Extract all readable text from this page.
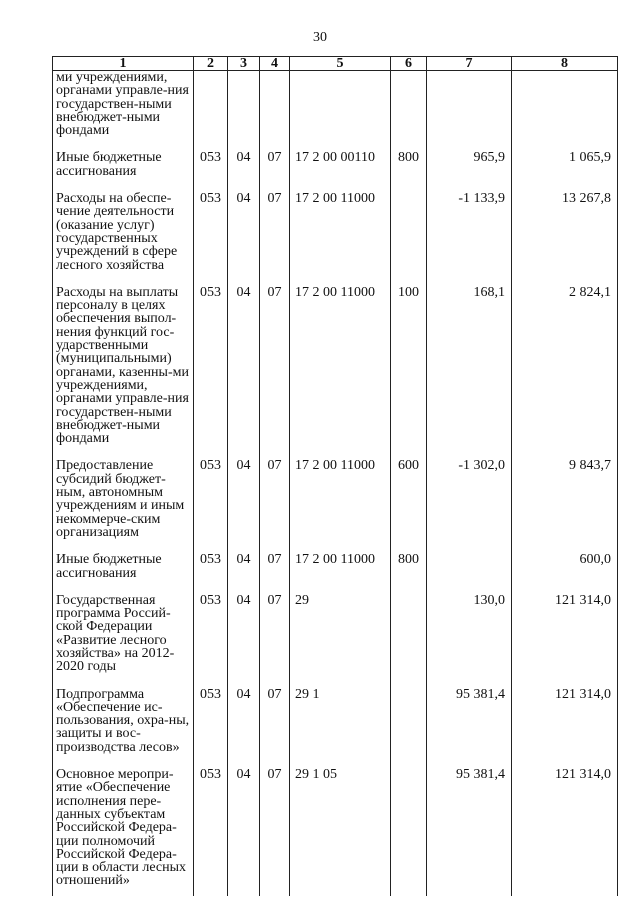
30
1	2	3	4	5	6	7	8
ми учреждениями, органами управле-ния государствен-ными внебюджет-ными фондами							
Иные бюджетные ассигнования	053	04	07	17 2 00 00110	800	965,9	1 065,9
Расходы на обеспе-чение деятельности (оказание услуг) государственных учреждений в сфере лесного хозяйства	053	04	07	17 2 00 11000		-1 133,9	13 267,8
Расходы на выплаты персоналу в целях обеспечения выпол-нения функций гос-ударственными (муниципальными) органами, казенны-ми учреждениями, органами управле-ния государствен-ными внебюджет-ными фондами	053	04	07	17 2 00 11000	100	168,1	2 824,1
Предоставление субсидий бюджет-ным, автономным учреждениям и иным некоммерче-ским организациям	053	04	07	17 2 00 11000	600	-1 302,0	9 843,7
Иные бюджетные ассигнования	053	04	07	17 2 00 11000	800		600,0
Государственная программа Россий-ской Федерации «Развитие лесного хозяйства» на 2012-2020 годы	053	04	07	29		130,0	121 314,0
Подпрограмма «Обеспечение ис-пользования, охра-ны, защиты и вос-производства лесов»	053	04	07	29 1		95 381,4	121 314,0
Основное меропри-ятие «Обеспечение исполнения пере-данных субъектам Российской Федера-ции полномочий Российской Федера-ции в области лесных отношений»	053	04	07	29 1 05		95 381,4	121 314,0
